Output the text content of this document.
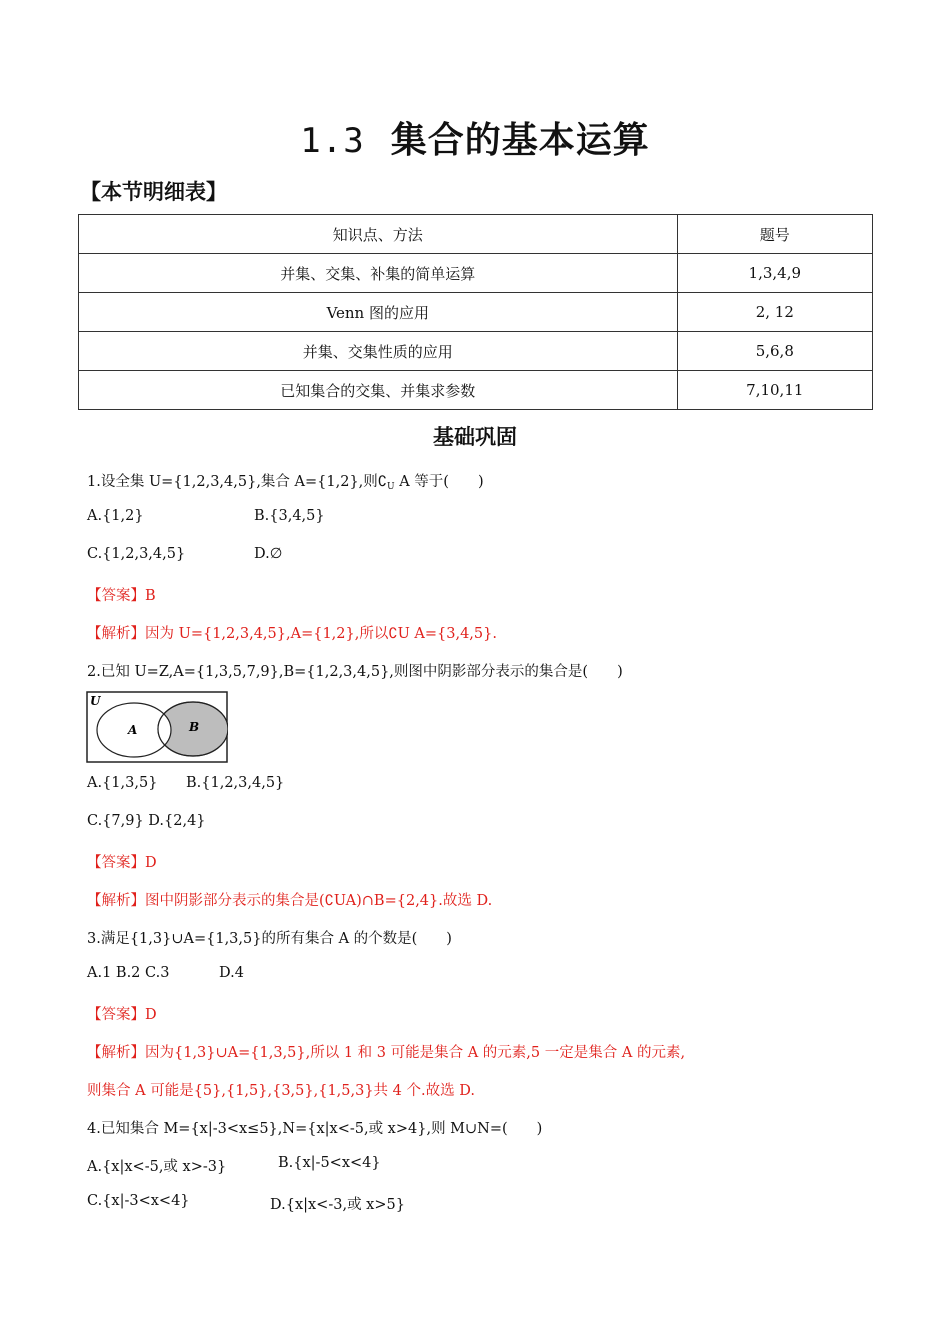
1.3 集合的基本运算
【本节明细表】
知识点、方法	题号
并集、交集、补集的简单运算	1,3,4,9
Venn 图的应用	2, 12
并集、交集性质的应用	5,6,8
已知集合的交集、并集求参数	7,10,11
基础巩固
1.设全集 U={1,2,3,4,5},集合 A={1,2},则$∁_U$ A 等于(　　)
A.{1,2}	B.{3,4,5}
C.{1,2,3,4,5}	D.∅
【答案】B
【解析】因为 U={1,2,3,4,5},A={1,2},所以∁U A={3,4,5}.
2.已知 U=Z,A={1,3,5,7,9},B={1,2,3,4,5},则图中阴影部分表示的集合是(　　)
U
A	B
A.{1,3,5} B.{1,2,3,4,5}
C.{7,9} D.{2,4}
【答案】D
【解析】图中阴影部分表示的集合是(∁UA)∩B={2,4}.故选 D.
3.满足{1,3}∪A={1,3,5}的所有集合 A 的个数是(　　)
A.1 B.2 C.3	D.4
【答案】D
【解析】因为{1,3}∪A={1,3,5},所以 1 和 3 可能是集合 A 的元素,5 一定是集合 A 的元素,
则集合 A 可能是{5},{1,5},{3,5},{1,5,3}共 4 个.故选 D.
4.已知集合 M={x|-3<x≤5},N={x|x<-5,或 x>4},则 M∪N=(　　)
A.{x|x<-5,或 x>-3}	B.{x|-5<x<4}
C.{x|-3<x<4}	D.{x|x<-3,或 x>5}
